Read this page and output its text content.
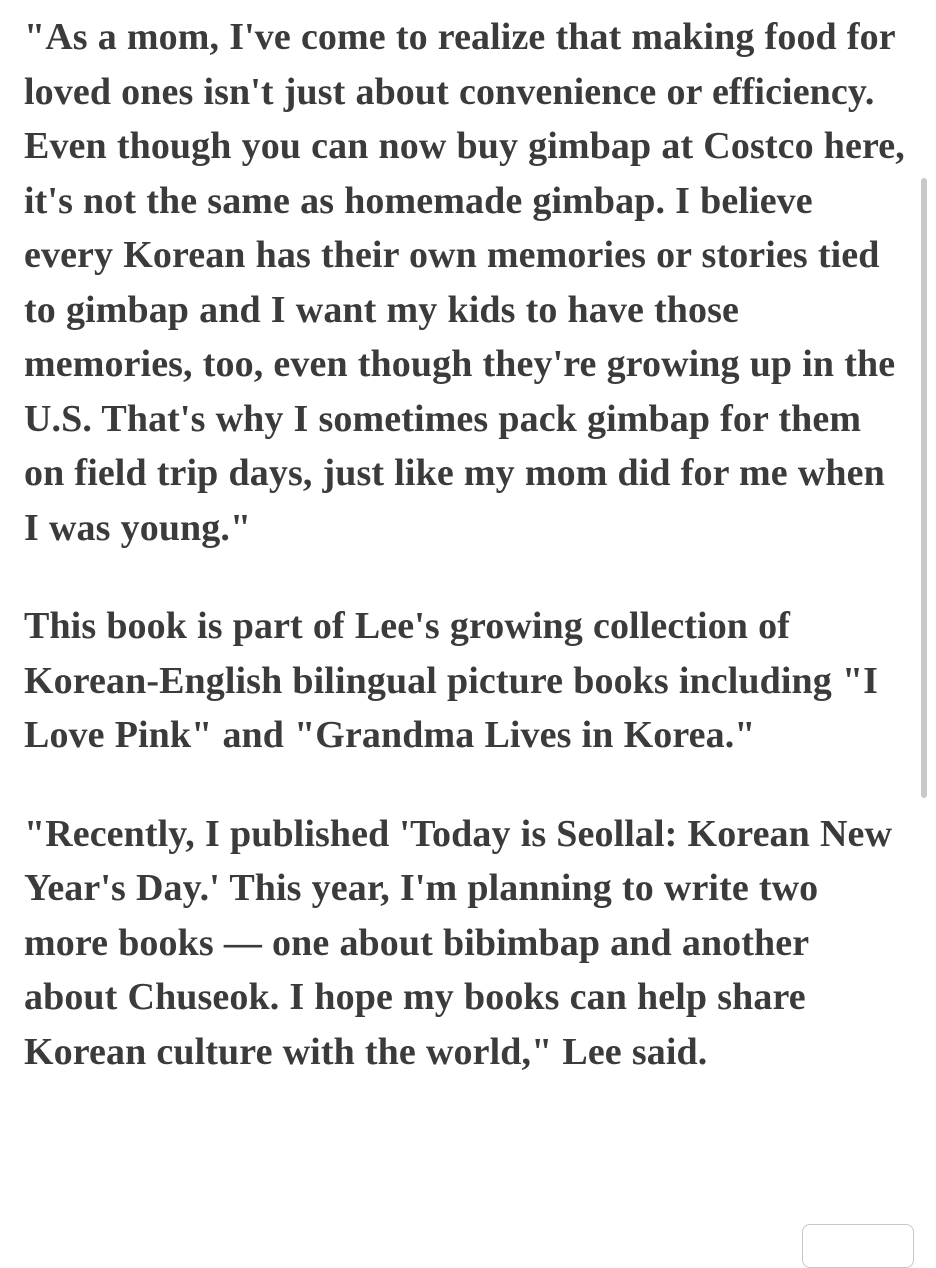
"As a mom, I've come to realize that making food for loved ones isn't just about convenience or efficiency. Even though you can now buy gimbap at Costco here, it's not the same as homemade gimbap. I believe every Korean has their own memories or stories tied to gimbap and I want my kids to have those memories, too, even though they're growing up in the U.S. That's why I sometimes pack gimbap for them on field trip days, just like my mom did for me when I was young."

This book is part of Lee's growing collection of Korean-English bilingual picture books including "I Love Pink" and "Grandma Lives in Korea."

"Recently, I published 'Today is Seollal: Korean New Year's Day.' This year, I'm planning to write two more books — one about bibimbap and another about Chuseok. I hope my books can help share Korean culture with the world," Lee said.
